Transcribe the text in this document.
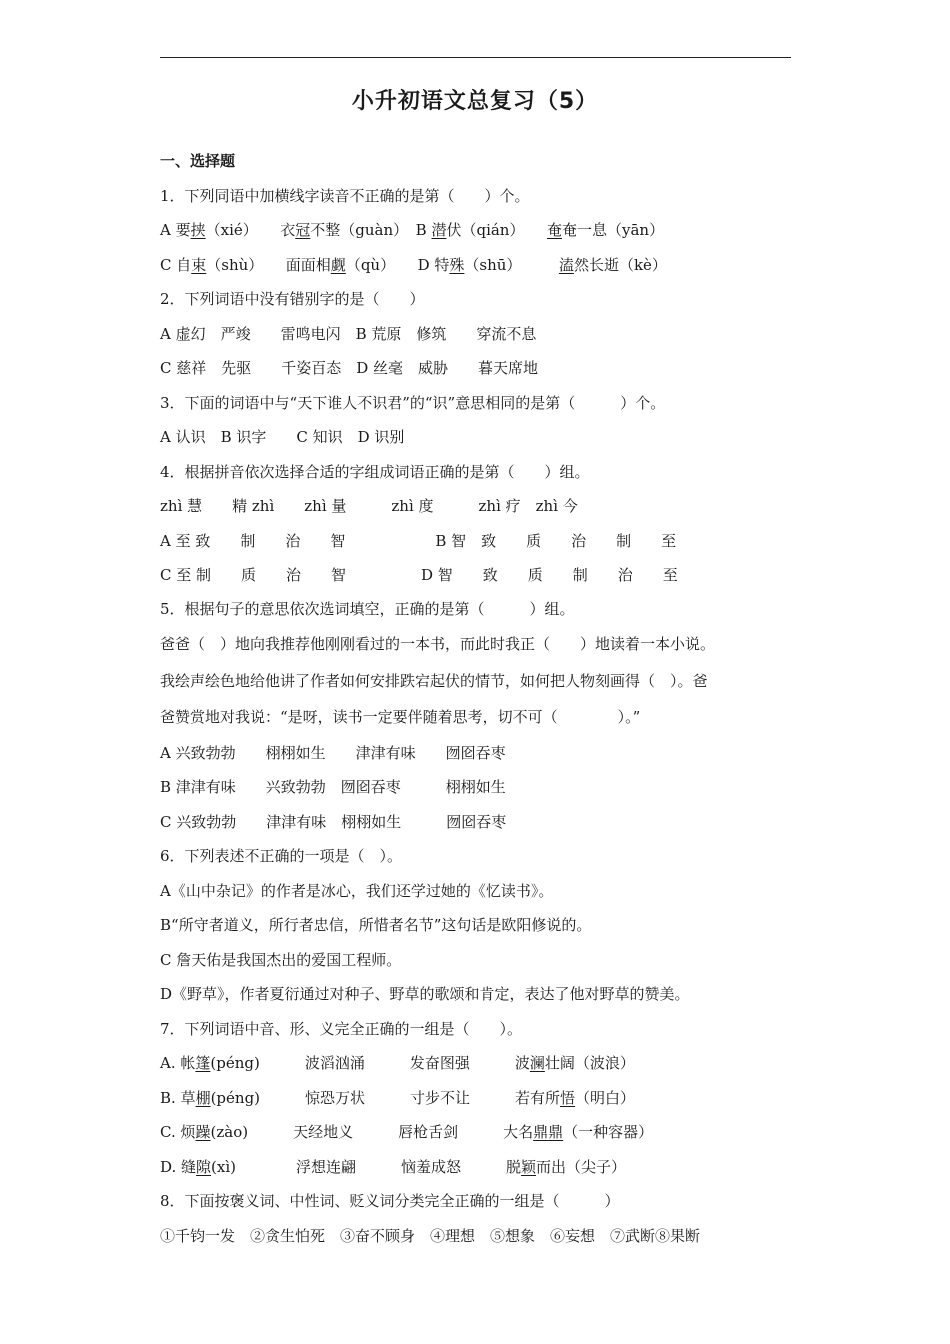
小升初语文总复习（5）
一、选择题
1．下列同语中加横线字读音不正确的是第（　　）个。
A 要挟（xié）　　衣冠不整（guàn）　B 潜伏（qián）　　奄奄一息（yān）
C 自束（shù）　　面面相觑（qù）　　D 特殊（shū）　　　溘然长逝（kè）
2．下列词语中没有错别字的是（　　）
A 虚幻　严竣　　雷鸣电闪　B 荒原　修筑　　穿流不息
C 慈祥　先驱　　千姿百态　D 丝毫　威胁　　暮天席地
3．下面的词语中与“天下谁人不识君”的“识”意思相同的是第（　　　）个。
A 认识　B 识字　　C 知识　D 识别
4．根据拼音依次选择合适的字组成词语正确的是第（　　）组。
zhì 慧　　精 zhì　　zhì 量　　　zhì 度　　　zhì 疗　zhì 今
A 至 致　　制　　治　　智　　　　　　B 智　致　　质　　治　　制　　至
C 至 制　　质　　治　　智　　　　　D 智　　致　　质　　制　　治　　至
5．根据句子的意思依次选词填空，正确的是第（　　　）组。
爸爸（　）地向我推荐他刚刚看过的一本书，而此时我正（　　）地读着一本小说。
我绘声绘色地给他讲了作者如何安排跌宕起伏的情节，如何把人物刻画得（　）。爸
爸赞赏地对我说：“是呀，读书一定要伴随着思考，切不可（　　　　）。”
A 兴致勃勃　　栩栩如生　　津津有味　　囫囵吞枣
B 津津有味　　兴致勃勃　囫囵吞枣　　　栩栩如生
C 兴致勃勃　　津津有味　栩栩如生　　　囫囵吞枣
6．下列表述不正确的一项是（　）。
A《山中杂记》的作者是冰心，我们还学过她的《忆读书》。
B“所守者道义，所行者忠信，所惜者名节”这句话是欧阳修说的。
C 詹天佑是我国杰出的爱国工程师。
D《野草》，作者夏衍通过对种子、野草的歌颂和肯定，表达了他对野草的赞美。
7．下列词语中音、形、义完全正确的一组是（　　）。
A. 帐篷(péng)　　　波滔汹涌　　　发奋图强　　　波澜壮阔（波浪）
B. 草棚(péng)　　　惊恐万状　　　寸步不让　　　若有所悟（明白）
C. 烦躁(zào)　　　天经地义　　　唇枪舌剑　　　大名鼎鼎（一种容器）
D. 缝隙(xì)　　　　浮想连翩　　　恼羞成怒　　　脱颖而出（尖子）
8．下面按褒义词、中性词、贬义词分类完全正确的一组是（　　　）
①千钧一发　②贪生怕死　③奋不顾身　④理想　⑤想象　⑥妄想　⑦武断⑧果断
